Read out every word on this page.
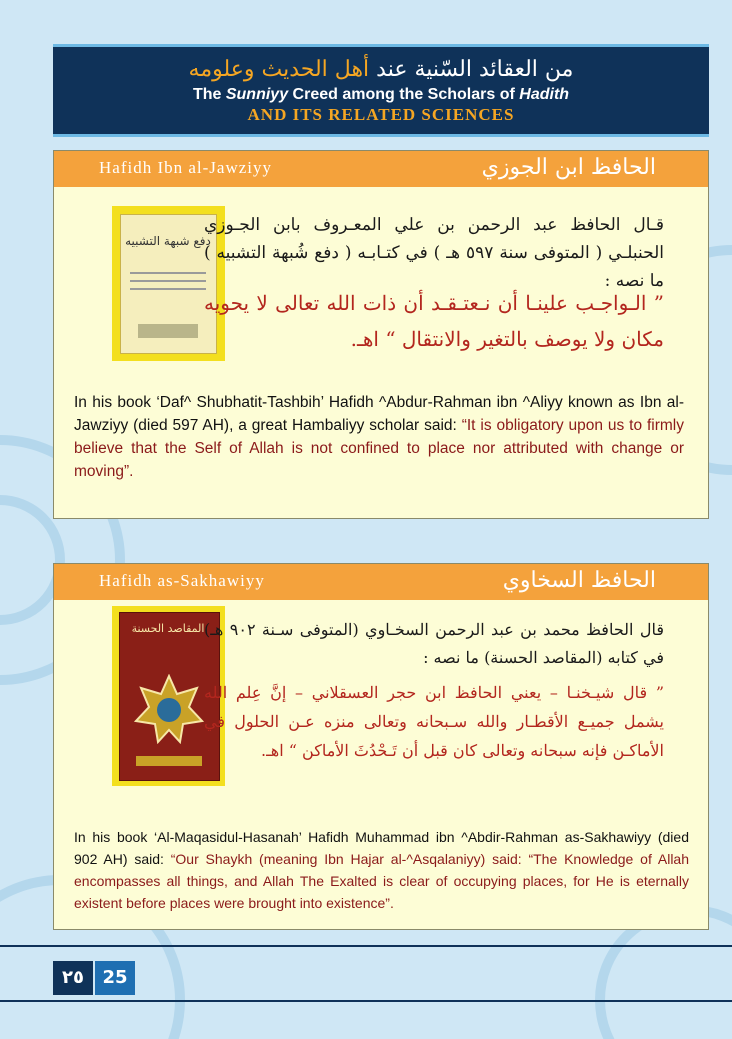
من العقائد السّنية عند أهل الحديث وعلومه
The Sunniyy Creed among the Scholars of Hadith
AND ITS RELATED SCIENCES
Hafidh Ibn al-Jawziyy	الحافظ ابن الجوزي
دفع شبهة التشبيه
قـال الحافظ عبد الرحمن بن علي المعـروف بابن الجـوزي الحنبلـي ( المتوفى سنة ٥٩٧ هـ ) في كتـابـه ( دفع شُبهة التشبيه ) ما نصه :
” الـواجـب علينـا أن نـعتـقـد أن ذات الله تعالى لا يحويه مكان ولا يوصف بالتغير والانتقال “ اهـ.
In his book ‘Daf^ Shubhatit-Tashbih’ Hafidh ^Abdur-Rahman ibn ^Aliyy known as Ibn al-Jawziyy (died 597 AH), a great Hambaliyy scholar said: “It is obligatory upon us to firmly believe that the Self of Allah is not confined to place nor attributed with change or moving”.
Hafidh as-Sakhawiyy	الحافظ السخاوي
المقاصد الحسنة قال الحافظ محمد بن عبد الرحمن السخـاوي (المتوفى سـنة ٩٠٢ هـ) في كتابه (المقاصد الحسنة) ما نصه :
” قال شيـخنـا – يعني الحافظ ابن حجر العسقلاني – إنَّ عِلم الله يشمل جميـع الأقطـار والله سـبحانه وتعالى منزه عـن الحلول في الأماكـن فإنه سبحانه وتعالى كان قبل أن تَـحْدُثَ الأماكن “ اهـ.
In his book ‘Al-Maqasidul-Hasanah’ Hafidh Muhammad ibn ^Abdir-Rahman as-Sakhawiyy (died 902 AH) said: “Our Shaykh (meaning Ibn Hajar al-^Asqalaniyy) said: “The Knowledge of Allah encompasses all things, and Allah The Exalted is clear of occupying places, for He is eternally existent before places were brought into existence”.
٢٥	25
